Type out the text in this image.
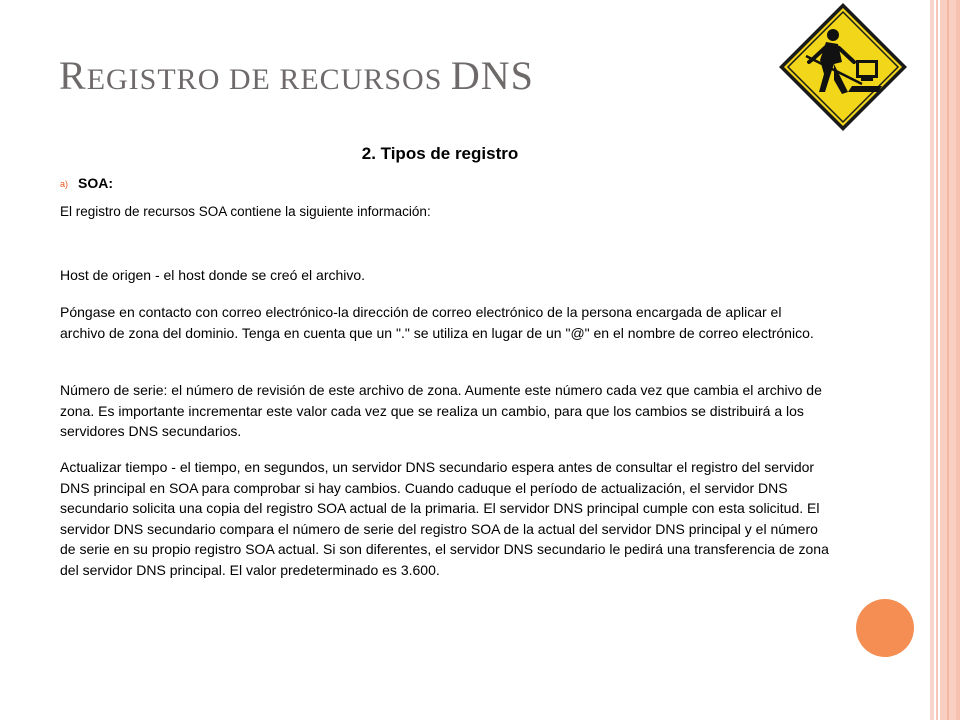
REGISTRO DE RECURSOS DNS
2. Tipos de registro
a) SOA:

El registro de recursos SOA contiene la siguiente información:

Host de origen - el host donde se creó el archivo.

Póngase en contacto con correo electrónico-la dirección de correo electrónico de la persona encargada de aplicar el archivo de zona del dominio. Tenga en cuenta que un "." se utiliza en lugar de un "@" en el nombre de correo electrónico.

Número de serie: el número de revisión de este archivo de zona. Aumente este número cada vez que cambia el archivo de zona. Es importante incrementar este valor cada vez que se realiza un cambio, para que los cambios se distribuirá a los servidores DNS secundarios.

Actualizar tiempo - el tiempo, en segundos, un servidor DNS secundario espera antes de consultar el registro del servidor DNS principal en SOA para comprobar si hay cambios. Cuando caduque el período de actualización, el servidor DNS secundario solicita una copia del registro SOA actual de la primaria. El servidor DNS principal cumple con esta solicitud. El servidor DNS secundario compara el número de serie del registro SOA de la actual del servidor DNS principal y el número de serie en su propio registro SOA actual. Si son diferentes, el servidor DNS secundario le pedirá una transferencia de zona del servidor DNS principal. El valor predeterminado es 3.600.
